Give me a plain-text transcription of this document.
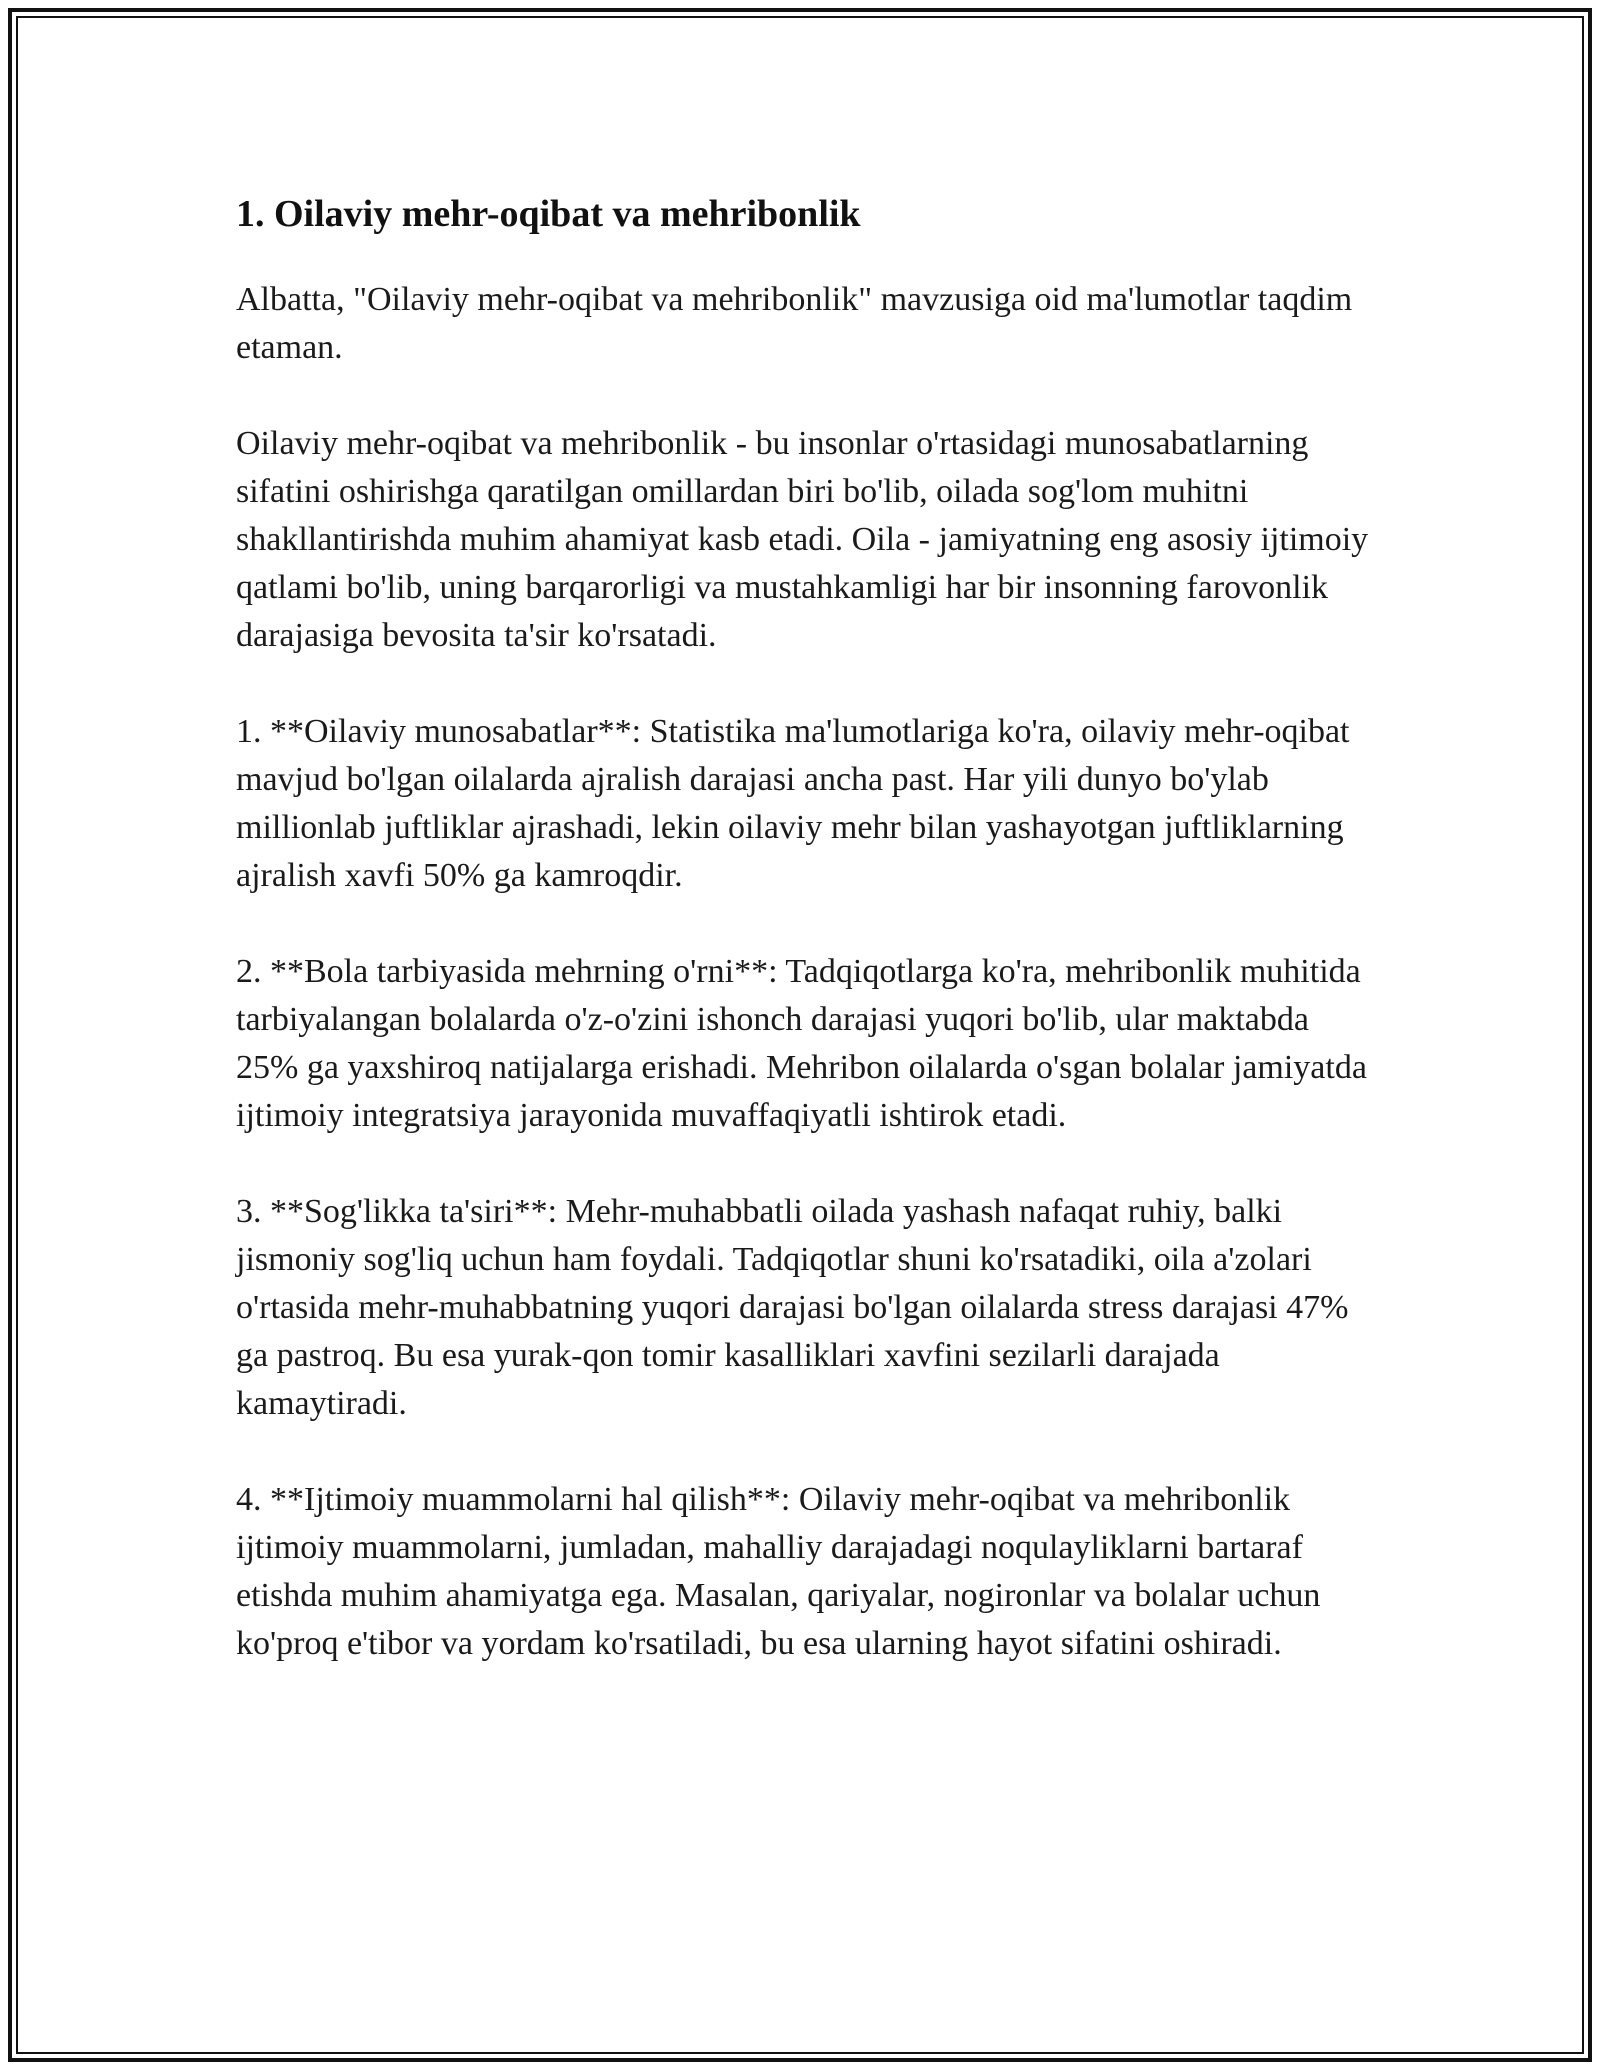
1. Oilaviy mehr-oqibat va mehribonlik

Albatta, "Oilaviy mehr-oqibat va mehribonlik" mavzusiga oid ma'lumotlar taqdim etaman.

Oilaviy mehr-oqibat va mehribonlik - bu insonlar o'rtasidagi munosabatlarning sifatini oshirishga qaratilgan omillardan biri bo'lib, oilada sog'lom muhitni shakllantirishda muhim ahamiyat kasb etadi. Oila - jamiyatning eng asosiy ijtimoiy qatlami bo'lib, uning barqarorligi va mustahkamligi har bir insonning farovonlik darajasiga bevosita ta'sir ko'rsatadi.

1. **Oilaviy munosabatlar**: Statistika ma'lumotlariga ko'ra, oilaviy mehr-oqibat mavjud bo'lgan oilalarda ajralish darajasi ancha past. Har yili dunyo bo'ylab millionlab juftliklar ajrashadi, lekin oilaviy mehr bilan yashayotgan juftliklarning ajralish xavfi 50% ga kamroqdir.

2. **Bola tarbiyasida mehrning o'rni**: Tadqiqotlarga ko'ra, mehribonlik muhitida tarbiyalangan bolalarda o'z-o'zini ishonch darajasi yuqori bo'lib, ular maktabda 25% ga yaxshiroq natijalarga erishadi. Mehribon oilalarda o'sgan bolalar jamiyatda ijtimoiy integratsiya jarayonida muvaffaqiyatli ishtirok etadi.

3. **Sog'likka ta'siri**: Mehr-muhabbatli oilada yashash nafaqat ruhiy, balki jismoniy sog'liq uchun ham foydali. Tadqiqotlar shuni ko'rsatadiki, oila a'zolari o'rtasida mehr-muhabbatning yuqori darajasi bo'lgan oilalarda stress darajasi 47% ga pastroq. Bu esa yurak-qon tomir kasalliklari xavfini sezilarli darajada kamaytiradi.

4. **Ijtimoiy muammolarni hal qilish**: Oilaviy mehr-oqibat va mehribonlik ijtimoiy muammolarni, jumladan, mahalliy darajadagi noqulayliklarni bartaraf etishda muhim ahamiyatga ega. Masalan, qariyalar, nogironlar va bolalar uchun ko'proq e'tibor va yordam ko'rsatiladi, bu esa ularning hayot sifatini oshiradi.
